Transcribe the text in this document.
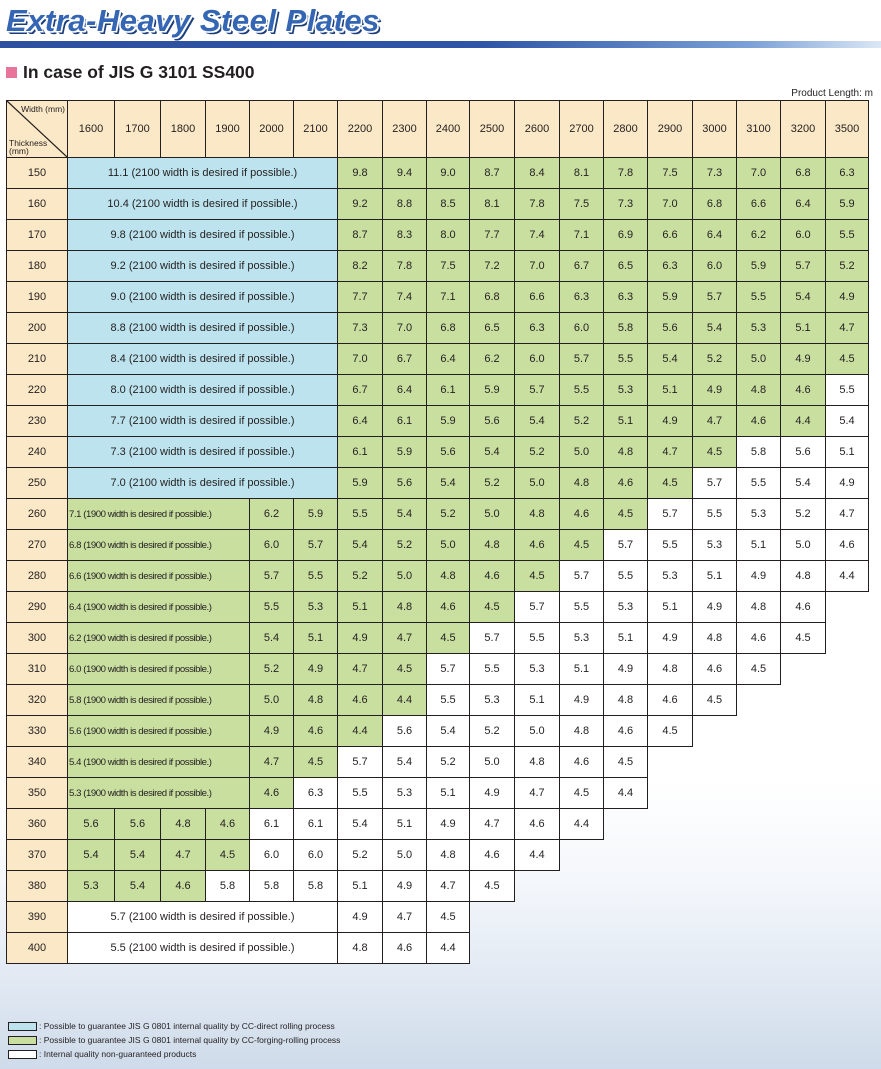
Extra-Heavy Steel Plates
In case of JIS G 3101 SS400
Product Length: m
Width (mm)
Thickness (mm)	1600	1700	1800	1900	2000	2100	2200	2300	2400	2500	2600	2700	2800	2900	3000	3100	3200	3500
150	11.1 (2100 width is desired if possible.)						9.8	9.4	9.0	8.7	8.4	8.1	7.8	7.5	7.3	7.0	6.8	6.3
160	10.4 (2100 width is desired if possible.)						9.2	8.8	8.5	8.1	7.8	7.5	7.3	7.0	6.8	6.6	6.4	5.9
170	9.8 (2100 width is desired if possible.)						8.7	8.3	8.0	7.7	7.4	7.1	6.9	6.6	6.4	6.2	6.0	5.5
180	9.2 (2100 width is desired if possible.)						8.2	7.8	7.5	7.2	7.0	6.7	6.5	6.3	6.0	5.9	5.7	5.2
190	9.0 (2100 width is desired if possible.)						7.7	7.4	7.1	6.8	6.6	6.3	6.3	5.9	5.7	5.5	5.4	4.9
200	8.8 (2100 width is desired if possible.)						7.3	7.0	6.8	6.5	6.3	6.0	5.8	5.6	5.4	5.3	5.1	4.7
210	8.4 (2100 width is desired if possible.)						7.0	6.7	6.4	6.2	6.0	5.7	5.5	5.4	5.2	5.0	4.9	4.5
220	8.0 (2100 width is desired if possible.)						6.7	6.4	6.1	5.9	5.7	5.5	5.3	5.1	4.9	4.8	4.6	5.5
230	7.7 (2100 width is desired if possible.)						6.4	6.1	5.9	5.6	5.4	5.2	5.1	4.9	4.7	4.6	4.4	5.4
240	7.3 (2100 width is desired if possible.)						6.1	5.9	5.6	5.4	5.2	5.0	4.8	4.7	4.5	5.8	5.6	5.1
250	7.0 (2100 width is desired if possible.)						5.9	5.6	5.4	5.2	5.0	4.8	4.6	4.5	5.7	5.5	5.4	4.9
260	7.1 (1900 width is desired if possible.)				6.2	5.9	5.5	5.4	5.2	5.0	4.8	4.6	4.5	5.7	5.5	5.3	5.2	4.7
270	6.8 (1900 width is desired if possible.)				6.0	5.7	5.4	5.2	5.0	4.8	4.6	4.5	5.7	5.5	5.3	5.1	5.0	4.6
280	6.6 (1900 width is desired if possible.)				5.7	5.5	5.2	5.0	4.8	4.6	4.5	5.7	5.5	5.3	5.1	4.9	4.8	4.4
290	6.4 (1900 width is desired if possible.)				5.5	5.3	5.1	4.8	4.6	4.5	5.7	5.5	5.3	5.1	4.9	4.8	4.6	
300	6.2 (1900 width is desired if possible.)				5.4	5.1	4.9	4.7	4.5	5.7	5.5	5.3	5.1	4.9	4.8	4.6	4.5	
310	6.0 (1900 width is desired if possible.)				5.2	4.9	4.7	4.5	5.7	5.5	5.3	5.1	4.9	4.8	4.6	4.5		
320	5.8 (1900 width is desired if possible.)				5.0	4.8	4.6	4.4	5.5	5.3	5.1	4.9	4.8	4.6	4.5			
330	5.6 (1900 width is desired if possible.)				4.9	4.6	4.4	5.6	5.4	5.2	5.0	4.8	4.6	4.5				
340	5.4 (1900 width is desired if possible.)				4.7	4.5	5.7	5.4	5.2	5.0	4.8	4.6	4.5					
350	5.3 (1900 width is desired if possible.)				4.6	6.3	5.5	5.3	5.1	4.9	4.7	4.5	4.4					
360	5.6	5.6	4.8	4.6	6.1	6.1	5.4	5.1	4.9	4.7	4.6	4.4						
370	5.4	5.4	4.7	4.5	6.0	6.0	5.2	5.0	4.8	4.6	4.4							
380	5.3	5.4	4.6	5.8	5.8	5.8	5.1	4.9	4.7	4.5								
390	5.7 (2100 width is desired if possible.)						4.9	4.7	4.5									
400	5.5 (2100 width is desired if possible.)						4.8	4.6	4.4									
: Possible to guarantee JIS G 0801 internal quality by CC-direct rolling process
: Possible to guarantee JIS G 0801 internal quality by CC-forging-rolling process
: Internal quality non-guaranteed products
